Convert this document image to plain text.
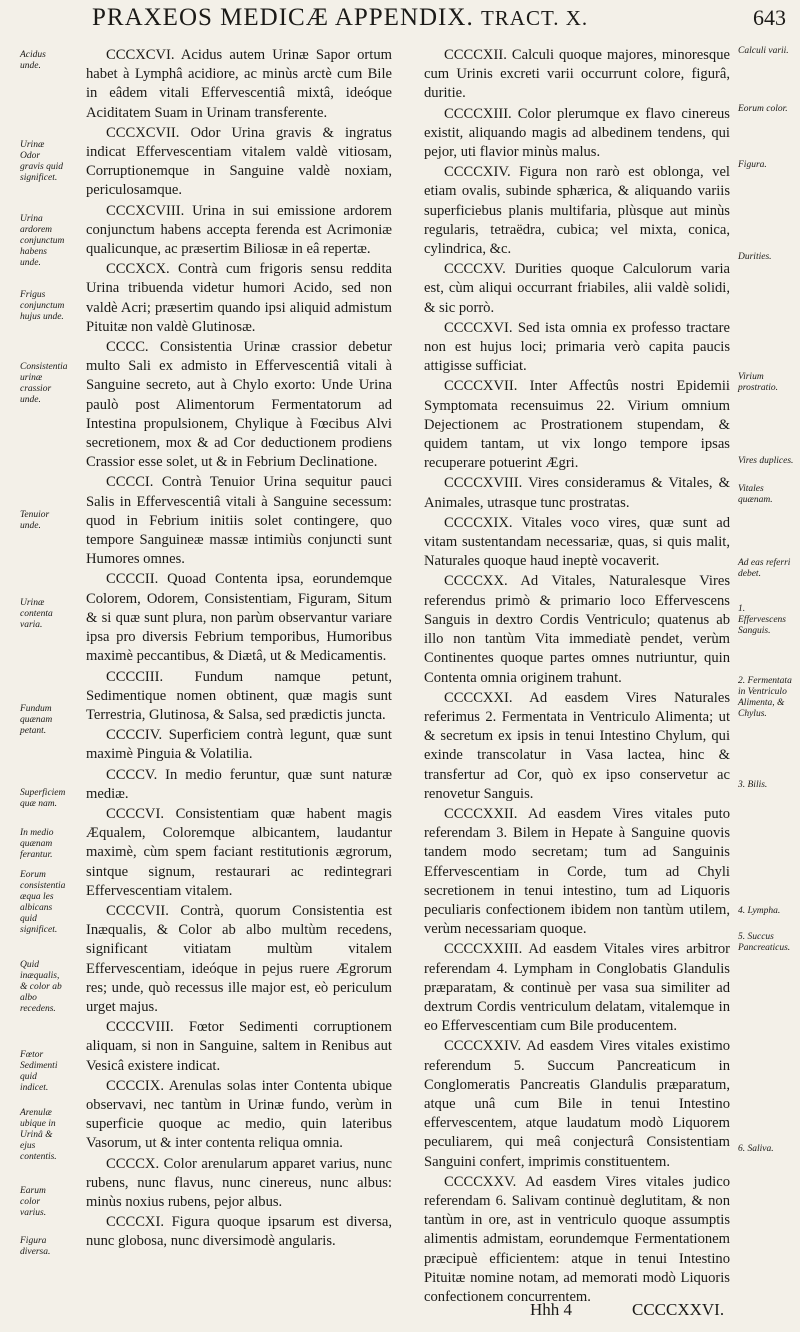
PRAXEOS MEDICÆ APPENDIX. TRACT. X.	643
Acidus unde.
Urinæ Odor gravis quid significet.
Urina ardorem conjunctum habens unde.
Frigus conjunctum hujus unde.
Consistentia urinæ crassior unde.
Tenuior unde.
Urinæ contenta varia.
Fundum quænam petant.
Superficiem quæ nam.
In medio quænam ferantur.
Eorum consistentia æqua les albicans quid significet.
Quid inæqualis, & color ab albo recedens.
Fœtor Sedimenti quid indicet.
Arenulæ ubique in Urinâ & ejus contentis.
Earum color varius.
Figura diversa.
Calculi varii.
Eorum color.
Figura.
Durities.
Virium prostratio.
Vires duplices.
Vitales quænam.
Ad eas referri debet.
1. Effervescens Sanguis.
2. Fermentata in Ventriculo Alimenta, & Chylus.
3. Bilis.
4. Lympha.
5. Succus Pancreaticus.
6. Saliva.

CCCXCVI. Acidus autem Urinæ Sapor ortum habet à Lymphâ acidiore, ac minùs arctè cum Bile in eâdem vitali Effervescentiâ mixtâ, ideóque Aciditatem Suam in Urinam transferente.

CCCXCVII. Odor Urina gravis & ingratus indicat Effervescentiam vitalem valdè vitiosam, Corruptionemque in Sanguine valdè noxiam, periculosamque.

CCCXCVIII. Urina in sui emissione ardorem conjunctum habens accepta ferenda est Acrimoniæ qualicunque, ac præsertim Biliosæ in eâ repertæ.

CCCXCX. Contrà cum frigoris sensu reddita Urina tribuenda videtur humori Acido, sed non valdè Acri; præsertim quando ipsi aliquid admistum Pituitæ non valdè Glutinosæ.

CCCC. Consistentia Urinæ crassior debetur multo Sali ex admisto in Effervescentiâ vitali à Sanguine secreto, aut à Chylo exorto: Unde Urina paulò post Alimentorum Fermentatorum ad Intestina propulsionem, Chylique à Fœcibus Alvi secretionem, mox & ad Cor deductionem prodiens Crassior esse solet, ut & in Febrium Declinatione.

CCCCI. Contrà Tenuior Urina sequitur pauci Salis in Effervescentiâ vitali à Sanguine secessum: quod in Febrium initiis solet contingere, quo tempore Sanguineæ massæ intimiùs conjuncti sunt Humores omnes.

CCCCII. Quoad Contenta ipsa, eorundemque Colorem, Odorem, Consistentiam, Figuram, Situm & si quæ sunt plura, non parùm observantur variare ipsa pro diversis Febrium temporibus, Humoribus maximè peccantibus, & Diætâ, ut & Medicamentis.

CCCCIII. Fundum namque petunt, Sedimentique nomen obtinent, quæ magis sunt Terrestria, Glutinosa, & Salsa, sed prædictis juncta.

CCCCIV. Superficiem contrà legunt, quæ sunt maximè Pinguia & Volatilia.

CCCCV. In medio feruntur, quæ sunt naturæ mediæ.

CCCCVI. Consistentiam quæ habent magis Æqualem, Coloremque albicantem, laudantur maximè, cùm spem faciant restitutionis ægrorum, sintque signum, restaurari ac redintegrari Effervescentiam vitalem.

CCCCVII. Contrà, quorum Consistentia est Inæqualis, & Color ab albo multùm recedens, significant vitiatam multùm vitalem Effervescentiam, ideóque in pejus ruere Ægrorum res; unde, quò recessus ille major est, eò periculum urget majus.

CCCCVIII. Fœtor Sedimenti corruptionem aliquam, si non in Sanguine, saltem in Renibus aut Vesicâ existere indicat.

CCCCIX. Arenulas solas inter Contenta ubique observavi, nec tantùm in Urinæ fundo, verùm in superficie quoque ac medio, quin lateribus Vasorum, ut & inter contenta reliqua omnia.

CCCCX. Color arenularum apparet varius, nunc rubens, nunc flavus, nunc cinereus, nunc albus: minùs noxius rubens, pejor albus.

CCCCXI. Figura quoque ipsarum est diversa, nunc globosa, nunc diversimodè angularis.

CCCCXII. Calculi quoque majores, minoresque cum Urinis excreti varii occurrunt colore, figurâ, duritie.

CCCCXIII. Color plerumque ex flavo cinereus existit, aliquando magis ad albedinem tendens, qui pejor, uti flavior minùs malus.

CCCCXIV. Figura non rarò est oblonga, vel etiam ovalis, subinde sphærica, & aliquando variis superficiebus planis multifaria, plùsque aut minùs regularis, tetraëdra, cubica; vel mixta, conica, cylindrica, &c.

CCCCXV. Durities quoque Calculorum varia est, cùm aliqui occurrant friabiles, alii valdè solidi, & sic porrò.

CCCCXVI. Sed ista omnia ex professo tractare non est hujus loci; primaria verò capita paucis attigisse sufficiat.

CCCCXVII. Inter Affectûs nostri Epidemii Symptomata recensuimus 22. Virium omnium Dejectionem ac Prostrationem stupendam, & quidem tantam, ut vix longo tempore ipsas recuperare potuerint Ægri.

CCCCXVIII. Vires consideramus & Vitales, & Animales, utrasque tunc prostratas.

CCCCXIX. Vitales voco vires, quæ sunt ad vitam sustentandam necessariæ, quas, si quis malit, Naturales quoque haud ineptè vocaverit.

CCCCXX. Ad Vitales, Naturalesque Vires referendus primò & primario loco Effervescens Sanguis in dextro Cordis Ventriculo; quatenus ab illo non tantùm Vita immediatè pendet, verùm Continentes quoque partes omnes nutriuntur, quin Contenta omnia originem trahunt.

CCCCXXI. Ad easdem Vires Naturales referimus 2. Fermentata in Ventriculo Alimenta; ut & secretum ex ipsis in tenui Intestino Chylum, qui exinde transcolatur in Vasa lactea, hinc & transfertur ad Cor, quò ex ipso conservetur ac renovetur Sanguis.

CCCCXXII. Ad easdem Vires vitales puto referendam 3. Bilem in Hepate à Sanguine quovis tandem modo secretam; tum ad Sanguinis Effervescentiam in Corde, tum ad Chyli secretionem in tenui intestino, tum ad Liquoris peculiaris confectionem ibidem non tantùm utilem, verùm necessariam quoque.

CCCCXXIII. Ad easdem Vitales vires arbitror referendam 4. Lympham in Conglobatis Glandulis præparatam, & continuè per vasa sua similiter ad dextrum Cordis ventriculum delatam, vitalemque in eo Effervescentiam cum Bile producentem.

CCCCXXIV. Ad easdem Vires vitales existimo referendum 5. Succum Pancreaticum in Conglomeratis Pancreatis Glandulis præparatum, atque unâ cum Bile in tenui Intestino effervescentem, atque laudatum modò Liquorem peculiarem, qui meâ conjecturâ Consistentiam Sanguini confert, imprimis constituentem.

CCCCXXV. Ad easdem Vires vitales judico referendam 6. Salivam continuè deglutitam, & non tantùm in ore, ast in ventriculo quoque assumptis alimentis admistam, eorundemque Fermentationem præcipuè efficientem: atque in tenui Intestino Pituitæ nomine notam, ad memorati modò Liquoris confectionem concurrentem.

Hhh 4	CCCCXXVI.
